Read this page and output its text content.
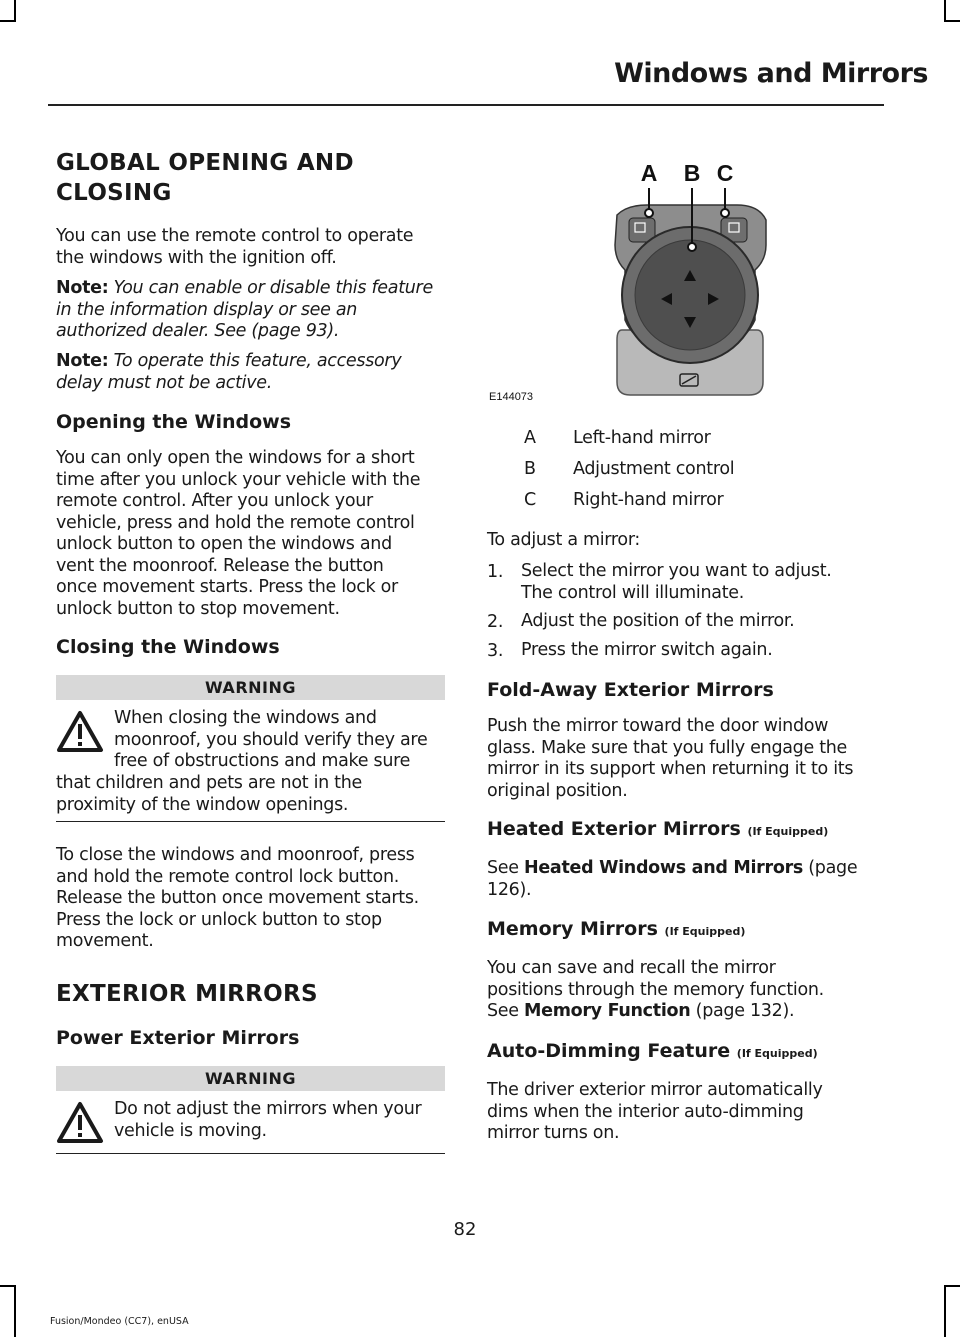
Windows and Mirrors
GLOBAL OPENING AND
CLOSING
You can use the remote control to operate
the windows with the ignition off.
Note: You can enable or disable this feature
in the information display or see an
authorized dealer. See (page 93).
Note: To operate this feature, accessory
delay must not be active.
Opening the Windows
You can only open the windows for a short
time after you unlock your vehicle with the
remote control. After you unlock your
vehicle, press and hold the remote control
unlock button to open the windows and
vent the moonroof. Release the button
once movement starts. Press the lock or
unlock button to stop movement.
Closing the Windows
WARNING
When closing the windows and
moonroof, you should verify they are
free of obstructions and make sure
that children and pets are not in the
proximity of the window openings.
To close the windows and moonroof, press
and hold the remote control lock button.
Release the button once movement starts.
Press the lock or unlock button to stop
movement.
EXTERIOR MIRRORS
Power Exterior Mirrors
WARNING
Do not adjust the mirrors when your
vehicle is moving.
A B C
E144073
A Left-hand mirror
B Adjustment control
C Right-hand mirror
To adjust a mirror:
1. Select the mirror you want to adjust.
The control will illuminate.
2. Adjust the position of the mirror.
3. Press the mirror switch again.
Fold-Away Exterior Mirrors
Push the mirror toward the door window
glass. Make sure that you fully engage the
mirror in its support when returning it to its
original position.
Heated Exterior Mirrors (If Equipped)
See Heated Windows and Mirrors (page
126).
Memory Mirrors (If Equipped)
You can save and recall the mirror
positions through the memory function.
See Memory Function (page 132).
Auto-Dimming Feature (If Equipped)
The driver exterior mirror automatically
dims when the interior auto-dimming
mirror turns on.
82
Fusion/Mondeo (CC7), enUSA
